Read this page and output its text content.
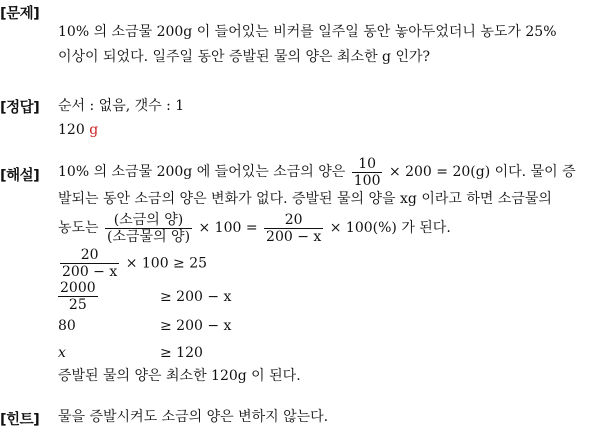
[문제]
10% 의 소금물 200g 이 들어있는 비커를 일주일 동안 놓아두었더니 농도가 25%
이상이 되었다. 일주일 동안 증발된 물의 양은 최소한 g 인가?
[정답] 순서 : 없음, 갯수 : 1
120 g
[해설] 10% 의 소금물 200g 에 들어있는 소금의 양은 $\frac{10}{100} \times 200 = 20(g)$ 이다. 물이 증
발되는 동안 소금의 양은 변화가 없다. 증발된 물의 양을 xg 이라고 하면 소금물의
농도는 $\frac{\text{(소금의 양)}}{\text{(소금물의 양)}} \times 100 = \frac{20}{200 - x} \times 100(\%)$ 가 된다.
$\frac{20}{200 - x} \times 100 \ge 25$
$\frac{2000}{25}$	≥ 200 − x
80	≥ 200 − x
x	≥ 120
증발된 물의 양은 최소한 120g 이 된다.
[힌트] 물을 증발시켜도 소금의 양은 변하지 않는다.
